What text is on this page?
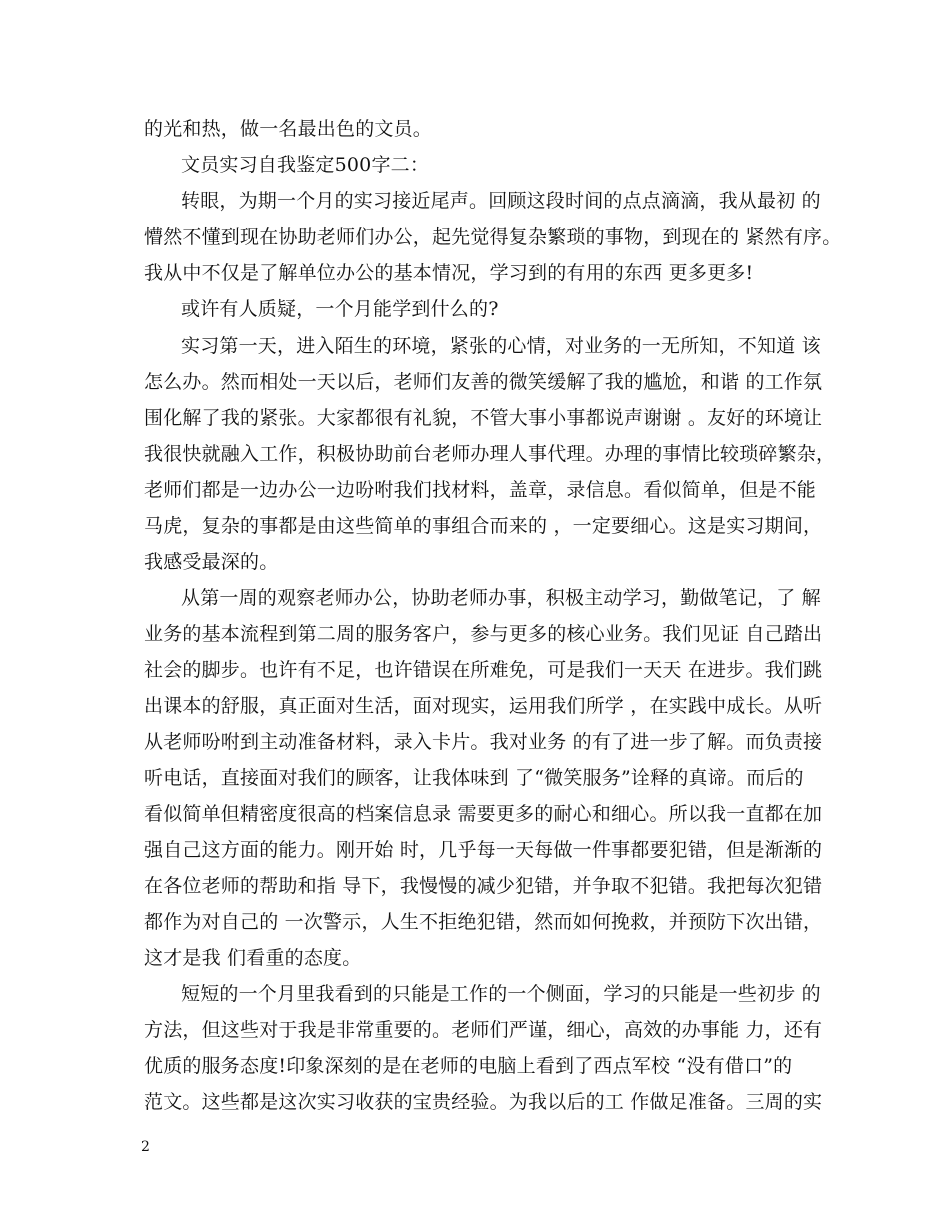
的光和热，做一名最出色的文员。
文员实习自我鉴定500字二：
转眼，为期一个月的实习接近尾声。回顾这段时间的点点滴滴，我从最初 的
懵然不懂到现在协助老师们办公，起先觉得复杂繁琐的事物，到现在的 紧然有序。
我从中不仅是了解单位办公的基本情况，学习到的有用的东西 更多更多!
或许有人质疑，一个月能学到什么的?
实习第一天，进入陌生的环境，紧张的心情，对业务的一无所知，不知道 该
怎么办。然而相处一天以后，老师们友善的微笑缓解了我的尴尬，和谐 的工作氛
围化解了我的紧张。大家都很有礼貌，不管大事小事都说声谢谢 。友好的环境让
我很快就融入工作，积极协助前台老师办理人事代理。办理的事情比较琐碎繁杂，
老师们都是一边办公一边吩咐我们找材料，盖章，录信息。看似简单，但是不能
马虎，复杂的事都是由这些简单的事组合而来的 ，一定要细心。这是实习期间，
我感受最深的。
从第一周的观察老师办公，协助老师办事，积极主动学习，勤做笔记，了 解
业务的基本流程到第二周的服务客户，参与更多的核心业务。我们见证 自己踏出
社会的脚步。也许有不足，也许错误在所难免，可是我们一天天 在进步。我们跳
出课本的舒服，真正面对生活，面对现实，运用我们所学 ，在实践中成长。从听
从老师吩咐到主动准备材料，录入卡片。我对业务 的有了进一步了解。而负责接
听电话，直接面对我们的顾客，让我体味到 了“微笑服务”诠释的真谛。而后的
看似简单但精密度很高的档案信息录 需要更多的耐心和细心。所以我一直都在加
强自己这方面的能力。刚开始 时，几乎每一天每做一件事都要犯错，但是渐渐的
在各位老师的帮助和指 导下，我慢慢的减少犯错，并争取不犯错。我把每次犯错
都作为对自己的 一次警示，人生不拒绝犯错，然而如何挽救，并预防下次出错，
这才是我 们看重的态度。
短短的一个月里我看到的只能是工作的一个侧面，学习的只能是一些初步 的
方法，但这些对于我是非常重要的。老师们严谨，细心，高效的办事能 力，还有
优质的服务态度!印象深刻的是在老师的电脑上看到了西点军校 “没有借口”的
范文。这些都是这次实习收获的宝贵经验。为我以后的工 作做足准备。三周的实
2
